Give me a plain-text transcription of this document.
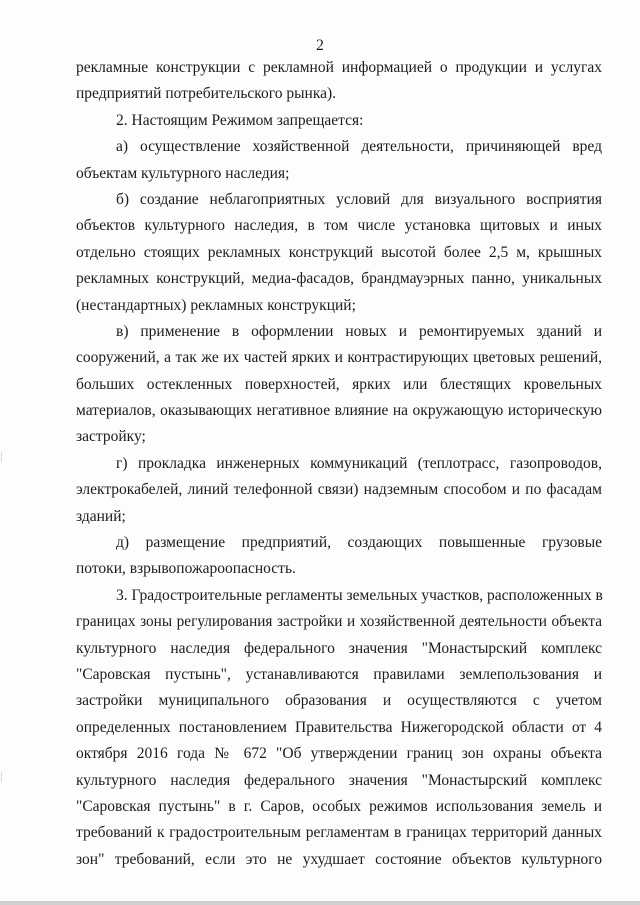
2
рекламные конструкции с рекламной информацией о продукции и услугах
предприятий потребительского рынка).
2. Настоящим Режимом запрещается:
а) осуществление хозяйственной деятельности, причиняющей вред
объектам культурного наследия;
б) создание неблагоприятных условий для визуального восприятия
объектов культурного наследия, в том числе установка щитовых и иных
отдельно стоящих рекламных конструкций высотой более 2,5 м, крышных
рекламных конструкций, медиа-фасадов, брандмауэрных панно, уникальных
(нестандартных) рекламных конструкций;
в) применение в оформлении новых и ремонтируемых зданий и
сооружений, а так же их частей ярких и контрастирующих цветовых решений,
больших остекленных поверхностей, ярких или блестящих кровельных
материалов, оказывающих негативное влияние на окружающую историческую
застройку;
г) прокладка инженерных коммуникаций (теплотрасс, газопроводов,
электрокабелей, линий телефонной связи) надземным способом и по фасадам
зданий;
д) размещение предприятий, создающих повышенные грузовые
потоки, взрывопожароопасность.
3. Градостроительные регламенты земельных участков, расположенных в
границах зоны регулирования застройки и хозяйственной деятельности объекта
культурного наследия федерального значения "Монастырский комплекс
"Саровская пустынь", устанавливаются правилами землепользования и
застройки муниципального образования и осуществляются с учетом
определенных постановлением Правительства Нижегородской области от 4
октября 2016 года № 672 "Об утверждении границ зон охраны объекта
культурного наследия федерального значения "Монастырский комплекс
"Саровская пустынь" в г. Саров, особых режимов использования земель и
требований к градостроительным регламентам в границах территорий данных
зон" требований, если это не ухудшает состояние объектов культурного
